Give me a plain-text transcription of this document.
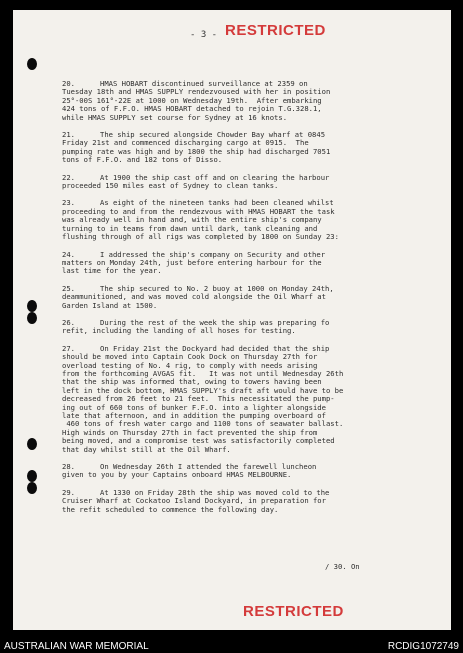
- 3 - RESTRICTED
20.	HMAS HOBART discontinued surveillance at 2359 on
Tuesday 18th and HMAS SUPPLY rendezvoused with her in position
25°-00S 161°-22E at 1000 on Wednesday 19th.  After embarking
424 tons of F.F.O. HMAS HOBART detached to rejoin T.G.328.1,
while HMAS SUPPLY set course for Sydney at 16 knots.
21.	The ship secured alongside Chowder Bay wharf at 0845
Friday 21st and commenced discharging cargo at 0915.  The
pumping rate was high and by 1800 the ship had discharged 7051
tons of F.F.O. and 182 tons of Disso.
22.	At 1900 the ship cast off and on clearing the harbour
proceeded 150 miles east of Sydney to clean tanks.
23.	As eight of the nineteen tanks had been cleaned whilst
proceeding to and from the rendezvous with HMAS HOBART the task
was already well in hand and, with the entire ship's company
turning to in teams from dawn until dark, tank cleaning and
flushing through of all rigs was completed by 1800 on Sunday 23:
24.	I addressed the ship's company on Security and other
matters on Monday 24th, just before entering harbour for the
last time for the year.
25.	The ship secured to No. 2 buoy at 1000 on Monday 24th,
deammunitioned, and was moved cold alongside the Oil Wharf at
Garden Island at 1500.
26.	During the rest of the week the ship was preparing fo
refit, including the landing of all hoses for testing.
27.	On Friday 21st the Dockyard had decided that the ship
should be moved into Captain Cook Dock on Thursday 27th for
overload testing of No. 4 rig, to comply with needs arising
from the forthcoming AVGAS fit.   It was not until Wednesday 26th
that the ship was informed that, owing to towers having been
left in the dock bottom, HMAS SUPPLY's draft aft would have to be
decreased from 26 feet to 21 feet.  This necessitated the pump-
ing out of 660 tons of bunker F.F.O. into a lighter alongside
late that afternoon, and in addition the pumping overboard of
460 tons of fresh water cargo and 1100 tons of seawater ballast.
High winds on Thursday 27th in fact prevented the ship from
being moved, and a compromise test was satisfactorily completed
that day whilst still at the Oil Wharf.
28.	On Wednesday 26th I attended the farewell luncheon
given to you by your Captains onboard HMAS MELBOURNE.
29.	At 1330 on Friday 28th the ship was moved cold to the
Cruiser Wharf at Cockatoo Island Dockyard, in preparation for
the refit scheduled to commence the following day.
/ 30. On
RESTRICTED
AUSTRALIAN WAR MEMORIAL	RCDIG1072749
